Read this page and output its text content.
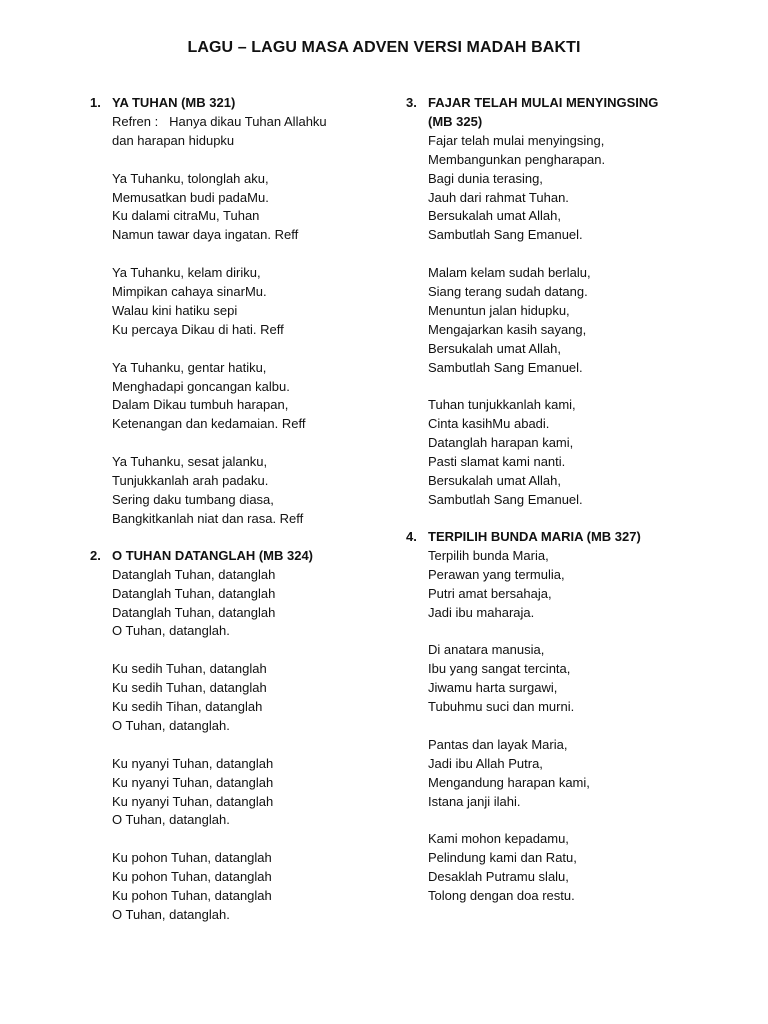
LAGU – LAGU MASA ADVEN VERSI MADAH BAKTI
1. YA TUHAN (MB 321)
Refren : Hanya dikau Tuhan Allahku
dan harapan hidupku
Ya Tuhanku, tolonglah aku,
Memusatkan budi padaMu.
Ku dalami citraMu, Tuhan
Namun tawar daya ingatan. Reff
Ya Tuhanku, kelam diriku,
Mimpikan cahaya sinarMu.
Walau kini hatiku sepi
Ku percaya Dikau di hati. Reff
Ya Tuhanku, gentar hatiku,
Menghadapi goncangan kalbu.
Dalam Dikau tumbuh harapan,
Ketenangan dan kedamaian. Reff
Ya Tuhanku, sesat jalanku,
Tunjukkanlah arah padaku.
Sering daku tumbang diasa,
Bangkitkanlah niat dan rasa. Reff
2. O TUHAN DATANGLAH (MB 324)
Datanglah Tuhan, datanglah
Datanglah Tuhan, datanglah
Datanglah Tuhan, datanglah
O Tuhan, datanglah.
Ku sedih Tuhan, datanglah
Ku sedih Tuhan, datanglah
Ku sedih Tihan, datanglah
O Tuhan, datanglah.
Ku nyanyi Tuhan, datanglah
Ku nyanyi Tuhan, datanglah
Ku nyanyi Tuhan, datanglah
O Tuhan, datanglah.
Ku pohon Tuhan, datanglah
Ku pohon Tuhan, datanglah
Ku pohon Tuhan, datanglah
O Tuhan, datanglah.
3. FAJAR TELAH MULAI MENYINGSING
(MB 325)
Fajar telah mulai menyingsing,
Membangunkan pengharapan.
Bagi dunia terasing,
Jauh dari rahmat Tuhan.
Bersukalah umat Allah,
Sambutlah Sang Emanuel.
Malam kelam sudah berlalu,
Siang terang sudah datang.
Menuntun jalan hidupku,
Mengajarkan kasih sayang,
Bersukalah umat Allah,
Sambutlah Sang Emanuel.
Tuhan tunjukkanlah kami,
Cinta kasihMu abadi.
Datanglah harapan kami,
Pasti slamat kami nanti.
Bersukalah umat Allah,
Sambutlah Sang Emanuel.
4. TERPILIH BUNDA MARIA (MB 327)
Terpilih bunda Maria,
Perawan yang termulia,
Putri amat bersahaja,
Jadi ibu maharaja.
Di anatara manusia,
Ibu yang sangat tercinta,
Jiwamu harta surgawi,
Tubuhmu suci dan murni.
Pantas dan layak Maria,
Jadi ibu Allah Putra,
Mengandung harapan kami,
Istana janji ilahi.
Kami mohon kepadamu,
Pelindung kami dan Ratu,
Desaklah Putramu slalu,
Tolong dengan doa restu.
